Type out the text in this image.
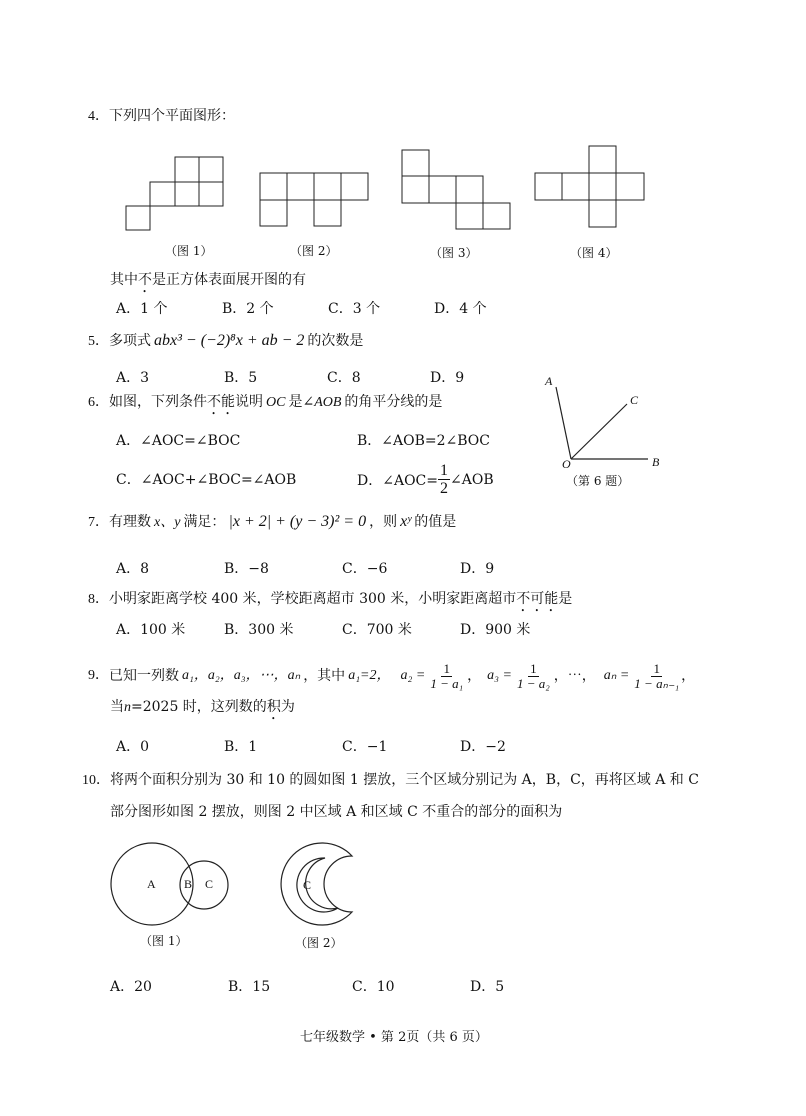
4．下列四个平面图形：
（图 1）	（图 2）	（图 3）	（图 4）
其中不是正方体表面展开图的有
A．1 个	B．2 个	C．3 个	D．4 个
5．多项式 abx³ − (−2)⁸x + ab − 2 的次数是
A．3	B．5	C．8	D．9
6．如图，下列条件不能说明 OC 是∠AOB 的角平分线的是
A．∠AOC=∠BOC	B．∠AOB=2∠BOC
C．∠AOC+∠BOC=∠AOB	D．∠AOC= $\frac{1}{2}$ ∠AOB
A
C
B
O
（第 6 题）
7．有理数 x、y 满足： |x + 2| + (y − 3)² = 0 ，则 xʸ 的值是
A．8	B．−8	C．−6	D．9
8．小明家距离学校 400 米，学校距离超市 300 米，小明家距离超市不可能是
A．100 米	B．300 米	C．700 米	D．900 米
9． 已知一列数 a₁，a₂，a₃，⋯，aₙ ，其中 a₁=2， $a_2 = \frac{1}{\text{1 − a₁}}$ ， $a_3 = \frac{1}{\text{1 − a₂}}$ ，⋯， $a_n = \frac{1}{\text{1 − aₙ₋₁}}$ ，
当n=2025 时，这列数的积为
A．0	B．1	C．−1	D．−2
10．将两个面积分别为 30 和 10 的圆如图 1 摆放，三个区域分别记为 A，B，C，再将区域 A 和 C
部分图形如图 2 摆放，则图 2 中区域 A 和区域 C 不重合的部分的面积为
A B C	C
（图 1）	（图 2）
A．20	B．15	C．10	D．5
七年级数学 • 第 2页（共 6 页）
